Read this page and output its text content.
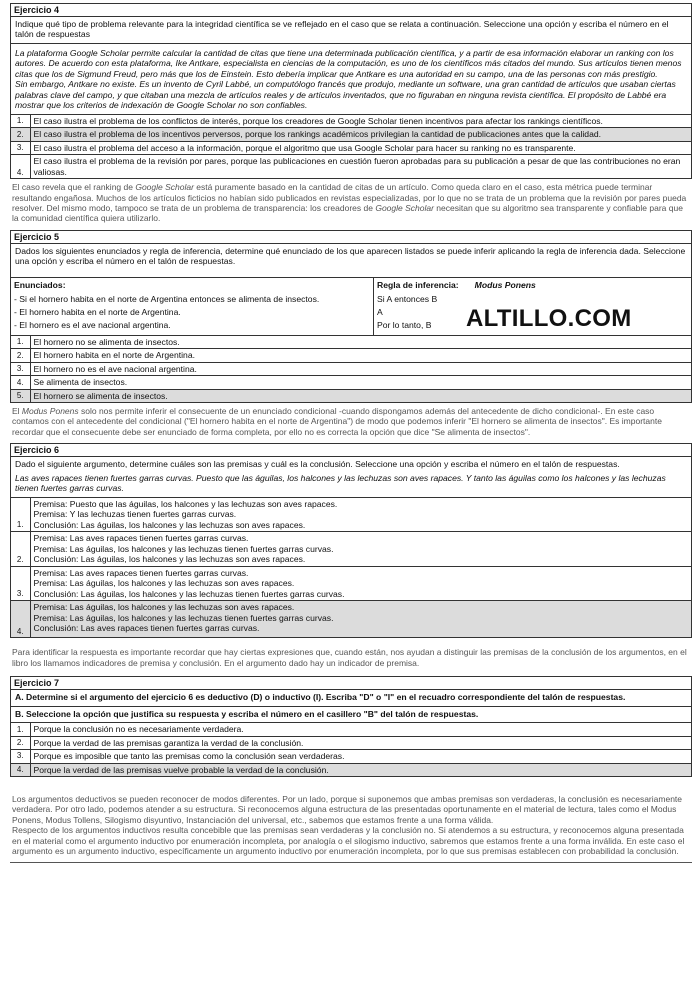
Ejercicio 4
Indique qué tipo de problema relevante para la integridad científica se ve reflejado en el caso que se relata a continuación. Seleccione una opción y escriba el número en el talón de respuestas
La plataforma Google Scholar permite calcular la cantidad de citas que tiene una determinada publicación científica, y a partir de esa información elaborar un ranking con los autores. De acuerdo con esta plataforma, Ike Antkare, especialista en ciencias de la computación, es uno de los científicos más citados del mundo. Sus artículos tienen menos citas que los de Sigmund Freud, pero más que los de Einstein. Esto debería implicar que Antkare es una autoridad en su campo, una de las personas con más prestigio.
Sin embargo, Antkare no existe. Es un invento de Cyril Labbé, un computólogo francés que produjo, mediante un software, una gran cantidad de artículos que usaban ciertas palabras clave del campo, y que citaban una mezcla de artículos reales y de artículos inventados, que no figuraban en ninguna revista científica. El propósito de Labbé era mostrar que los criterios de indexación de Google Scholar no son confiables.
1.	El caso ilustra el problema de los conflictos de interés, porque los creadores de Google Scholar tienen incentivos para afectar los rankings científicos.
2.	El caso ilustra el problema de los incentivos perversos, porque los rankings académicos privilegian la cantidad de publicaciones antes que la calidad.
3.	El caso ilustra el problema del acceso a la información, porque el algoritmo que usa Google Scholar para hacer su ranking no es transparente.
4.	El caso ilustra el problema de la revisión por pares, porque las publicaciones en cuestión fueron aprobadas para su publicación a pesar de que las contribuciones no eran valiosas.
El caso revela que el ranking de Google Scholar está puramente basado en la cantidad de citas de un artículo. Como queda claro en el caso, esta métrica puede terminar resultando engañosa. Muchos de los artículos ficticios no habían sido publicados en revistas especializadas, por lo que no se trata de un problema que la revisión por pares pueda resolver. Del mismo modo, tampoco se trata de un problema de transparencia: los creadores de Google Scholar necesitan que su algoritmo sea transparente y confiable para que la comunidad científica quiera utilizarlo.
Ejercicio 5
Dados los siguientes enunciados y regla de inferencia, determine qué enunciado de los que aparecen listados se puede inferir aplicando la regla de inferencia dada. Seleccione una opción y escriba el número en el talón de respuestas.
Enunciados:
- Si el hornero habita en el norte de Argentina entonces se alimenta de insectos.
- El hornero habita en el norte de Argentina.
- El hornero es el ave nacional argentina.
Regla de inferencia: Modus Ponens
Si A entonces B
A
Por lo tanto, B	ALTILLO.COM
1.	El hornero no se alimenta de insectos.
2.	El hornero habita en el norte de Argentina.
3.	El hornero no es el ave nacional argentina.
4.	Se alimenta de insectos.
5.	El hornero se alimenta de insectos.
El Modus Ponens solo nos permite inferir el consecuente de un enunciado condicional -cuando dispongamos además del antecedente de dicho condicional-. En este caso contamos con el antecedente del condicional ("El hornero habita en el norte de Argentina") de modo que podemos inferir "El hornero se alimenta de insectos". Es importante recordar que el consecuente debe ser enunciado de forma completa, por ello no es correcta la opción que dice "Se alimenta de insectos".
Ejercicio 6
Dado el siguiente argumento, determine cuáles son las premisas y cuál es la conclusión. Seleccione una opción y escriba el número en el talón de respuestas.
Las aves rapaces tienen fuertes garras curvas. Puesto que las águilas, los halcones y las lechuzas son aves rapaces. Y tanto las águilas como los halcones y las lechuzas tienen fuertes garras curvas.
1.	Premisa: Puesto que las águilas, los halcones y las lechuzas son aves rapaces.
Premisa: Y las lechuzas tienen fuertes garras curvas.
Conclusión: Las águilas, los halcones y las lechuzas son aves rapaces.

2.	Premisa: Las aves rapaces tienen fuertes garras curvas.
Premisa: Las águilas, los halcones y las lechuzas tienen fuertes garras curvas.
Conclusión: Las águilas, los halcones y las lechuzas son aves rapaces.

3.	Premisa: Las aves rapaces tienen fuertes garras curvas.
Premisa: Las águilas, los halcones y las lechuzas son aves rapaces.
Conclusión: Las águilas, los halcones y las lechuzas tienen fuertes garras curvas.

4.	Premisa: Las águilas, los halcones y las lechuzas son aves rapaces.
Premisa: Las águilas, los halcones y las lechuzas tienen fuertes garras curvas.
Conclusión: Las aves rapaces tienen fuertes garras curvas.
Para identificar la respuesta es importante recordar que hay ciertas expresiones que, cuando están, nos ayudan a distinguir las premisas de la conclusión de los argumentos, en el libro los llamamos indicadores de premisa y conclusión. En el argumento dado hay un indicador de premisa.
Ejercicio 7
A. Determine si el argumento del ejercicio 6 es deductivo (D) o inductivo (I). Escriba "D" o "I" en el recuadro correspondiente del talón de respuestas.
B. Seleccione la opción que justifica su respuesta y escriba el número en el casillero "B" del talón de respuestas.
1.	Porque la conclusión no es necesariamente verdadera.
2.	Porque la verdad de las premisas garantiza la verdad de la conclusión.
3.	Porque es imposible que tanto las premisas como la conclusión sean verdaderas.
4.	Porque la verdad de las premisas vuelve probable la verdad de la conclusión.
Los argumentos deductivos se pueden reconocer de modos diferentes. Por un lado, porque si suponemos que ambas premisas son verdaderas, la conclusión es necesariamente verdadera. Por otro lado, podemos atender a su estructura. Si reconocemos alguna estructura de las presentadas oportunamente en el material de lectura, tales como el Modus Ponens, Modus Tollens, Silogismo disyuntivo, Instanciación del universal, etc., sabemos que estamos frente a una forma válida.
Respecto de los argumentos inductivos resulta concebible que las premisas sean verdaderas y la conclusión no. Si atendemos a su estructura, y reconocemos alguna presentada en el material como el argumento inductivo por enumeración incompleta, por analogía o el silogismo inductivo, sabremos que estamos frente a una forma inválida. En este caso el argumento es un argumento inductivo, específicamente un argumento inductivo por enumeración incompleta, por lo que sus premisas establecen con probabilidad la conclusión.
